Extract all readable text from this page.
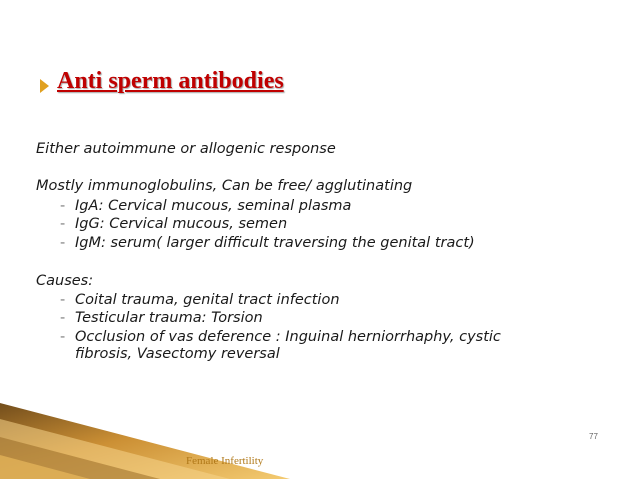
Anti sperm antibodies
Either autoimmune or allogenic response
Mostly immunoglobulins, Can be free/ agglutinating
- IgA: Cervical mucous, seminal plasma
- IgG: Cervical mucous, semen
- IgM: serum( larger difficult traversing the genital tract)
Causes:
- Coital trauma, genital tract infection
- Testicular trauma: Torsion
- Occlusion of vas deference : Inguinal herniorrhaphy, cystic
fibrosis, Vasectomy reversal
77
Female Infertility
